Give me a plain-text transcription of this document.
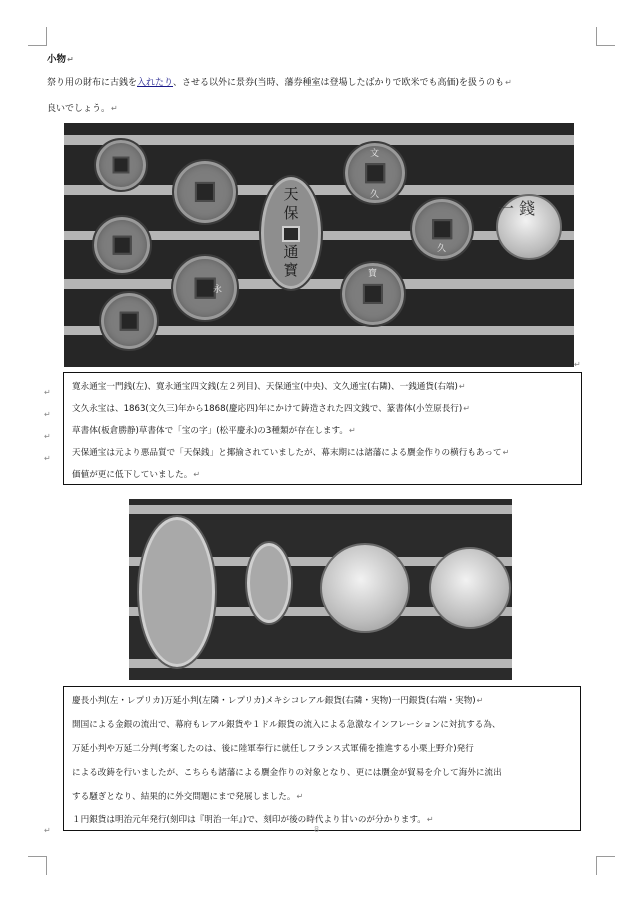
小物↵
祭り用の財布に古銭を入れたり、させる以外に景券(当時、藩券種室は登場したばかりで欧米でも高価)を扱うのも↵
良いでしょう。↵
永
文
久
寶
久
一 錢
天
保
通
寳
↵
↵
↵
↵
↵
寛永通宝一門銭(左)、寛永通宝四文銭(左２列目)、天保通宝(中央)、文久通宝(右隣)、一銭通貨(右端)↵
文久永宝は、1863(文久三)年から1868(慶応四)年にかけて鋳造された四文銭で、篆書体(小笠原長行)↵
草書体(板倉勝静)草書体で「宝の字」(松平慶永)の3種類が存在します。↵
天保通宝は元より悪品質で「天保銭」と揶揄されていましたが、幕末期には諸藩による贋金作りの横行もあって↵
価値が更に低下していました。↵
慶長小判(左・レプリカ)万延小判(左隣・レプリカ)メキシコレアル銀貨(右隣・実物)一円銀貨(右端・実物)↵
開国による金銀の流出で、幕府もレアル銀貨や１ドル銀貨の流入による急激なインフレーションに対抗する為、
万延小判や万延二分判(考案したのは、後に陸軍奉行に就任しフランス式軍備を推進する小栗上野介)発行
による改鋳を行いましたが、こちらも諸藩による贋金作りの対象となり、更には贋金が貿易を介して海外に流出
する騒ぎとなり、結果的に外交問題にまで発展しました。↵
１円銀貨は明治元年発行(刻印は『明治一年』)で、刻印が後の時代より甘いのが分かります。↵
↵	8
